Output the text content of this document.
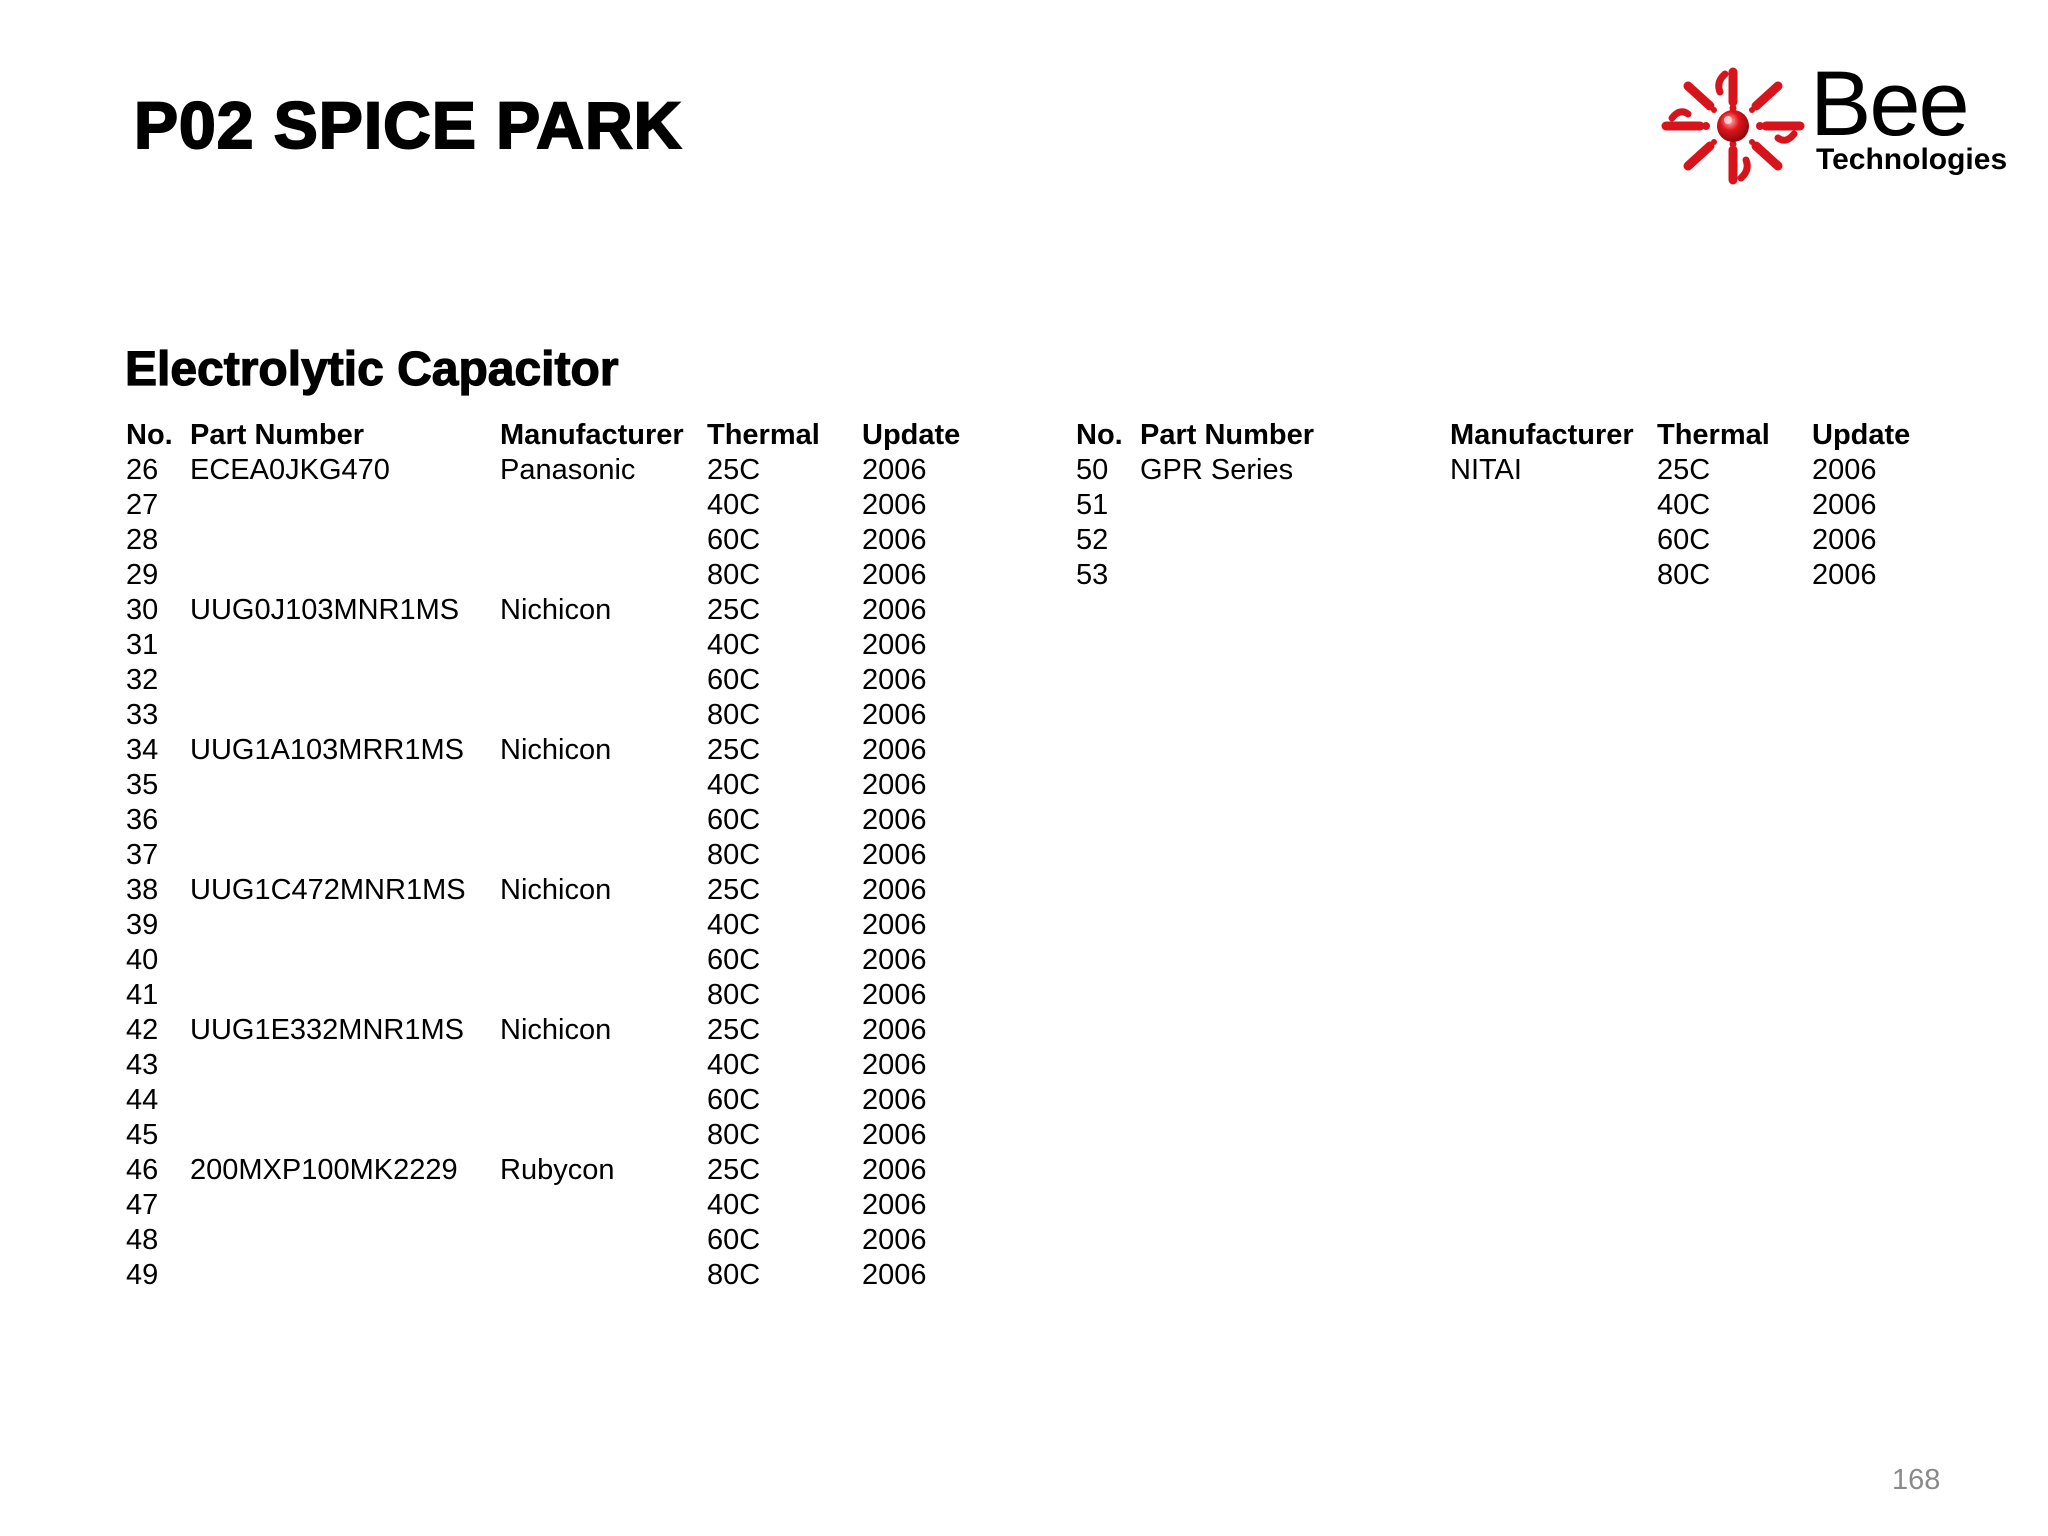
P02 SPICE PARK	Bee
Technologies
Electrolytic Capacitor
No.	Part Number	Manufacturer	Thermal	Update
26	ECEA0JKG470	Panasonic	25C	2006
27			40C	2006
28			60C	2006
29			80C	2006
30	UUG0J103MNR1MS	Nichicon	25C	2006
31			40C	2006
32			60C	2006
33			80C	2006
34	UUG1A103MRR1MS	Nichicon	25C	2006
35			40C	2006
36			60C	2006
37			80C	2006
38	UUG1C472MNR1MS	Nichicon	25C	2006
39			40C	2006
40			60C	2006
41			80C	2006
42	UUG1E332MNR1MS	Nichicon	25C	2006
43			40C	2006
44			60C	2006
45			80C	2006
46	200MXP100MK2229	Rubycon	25C	2006
47			40C	2006
48			60C	2006
49			80C	2006
No.	Part Number	Manufacturer	Thermal	Update
50	GPR Series	NITAI	25C	2006
51			40C	2006
52			60C	2006
53			80C	2006
168
